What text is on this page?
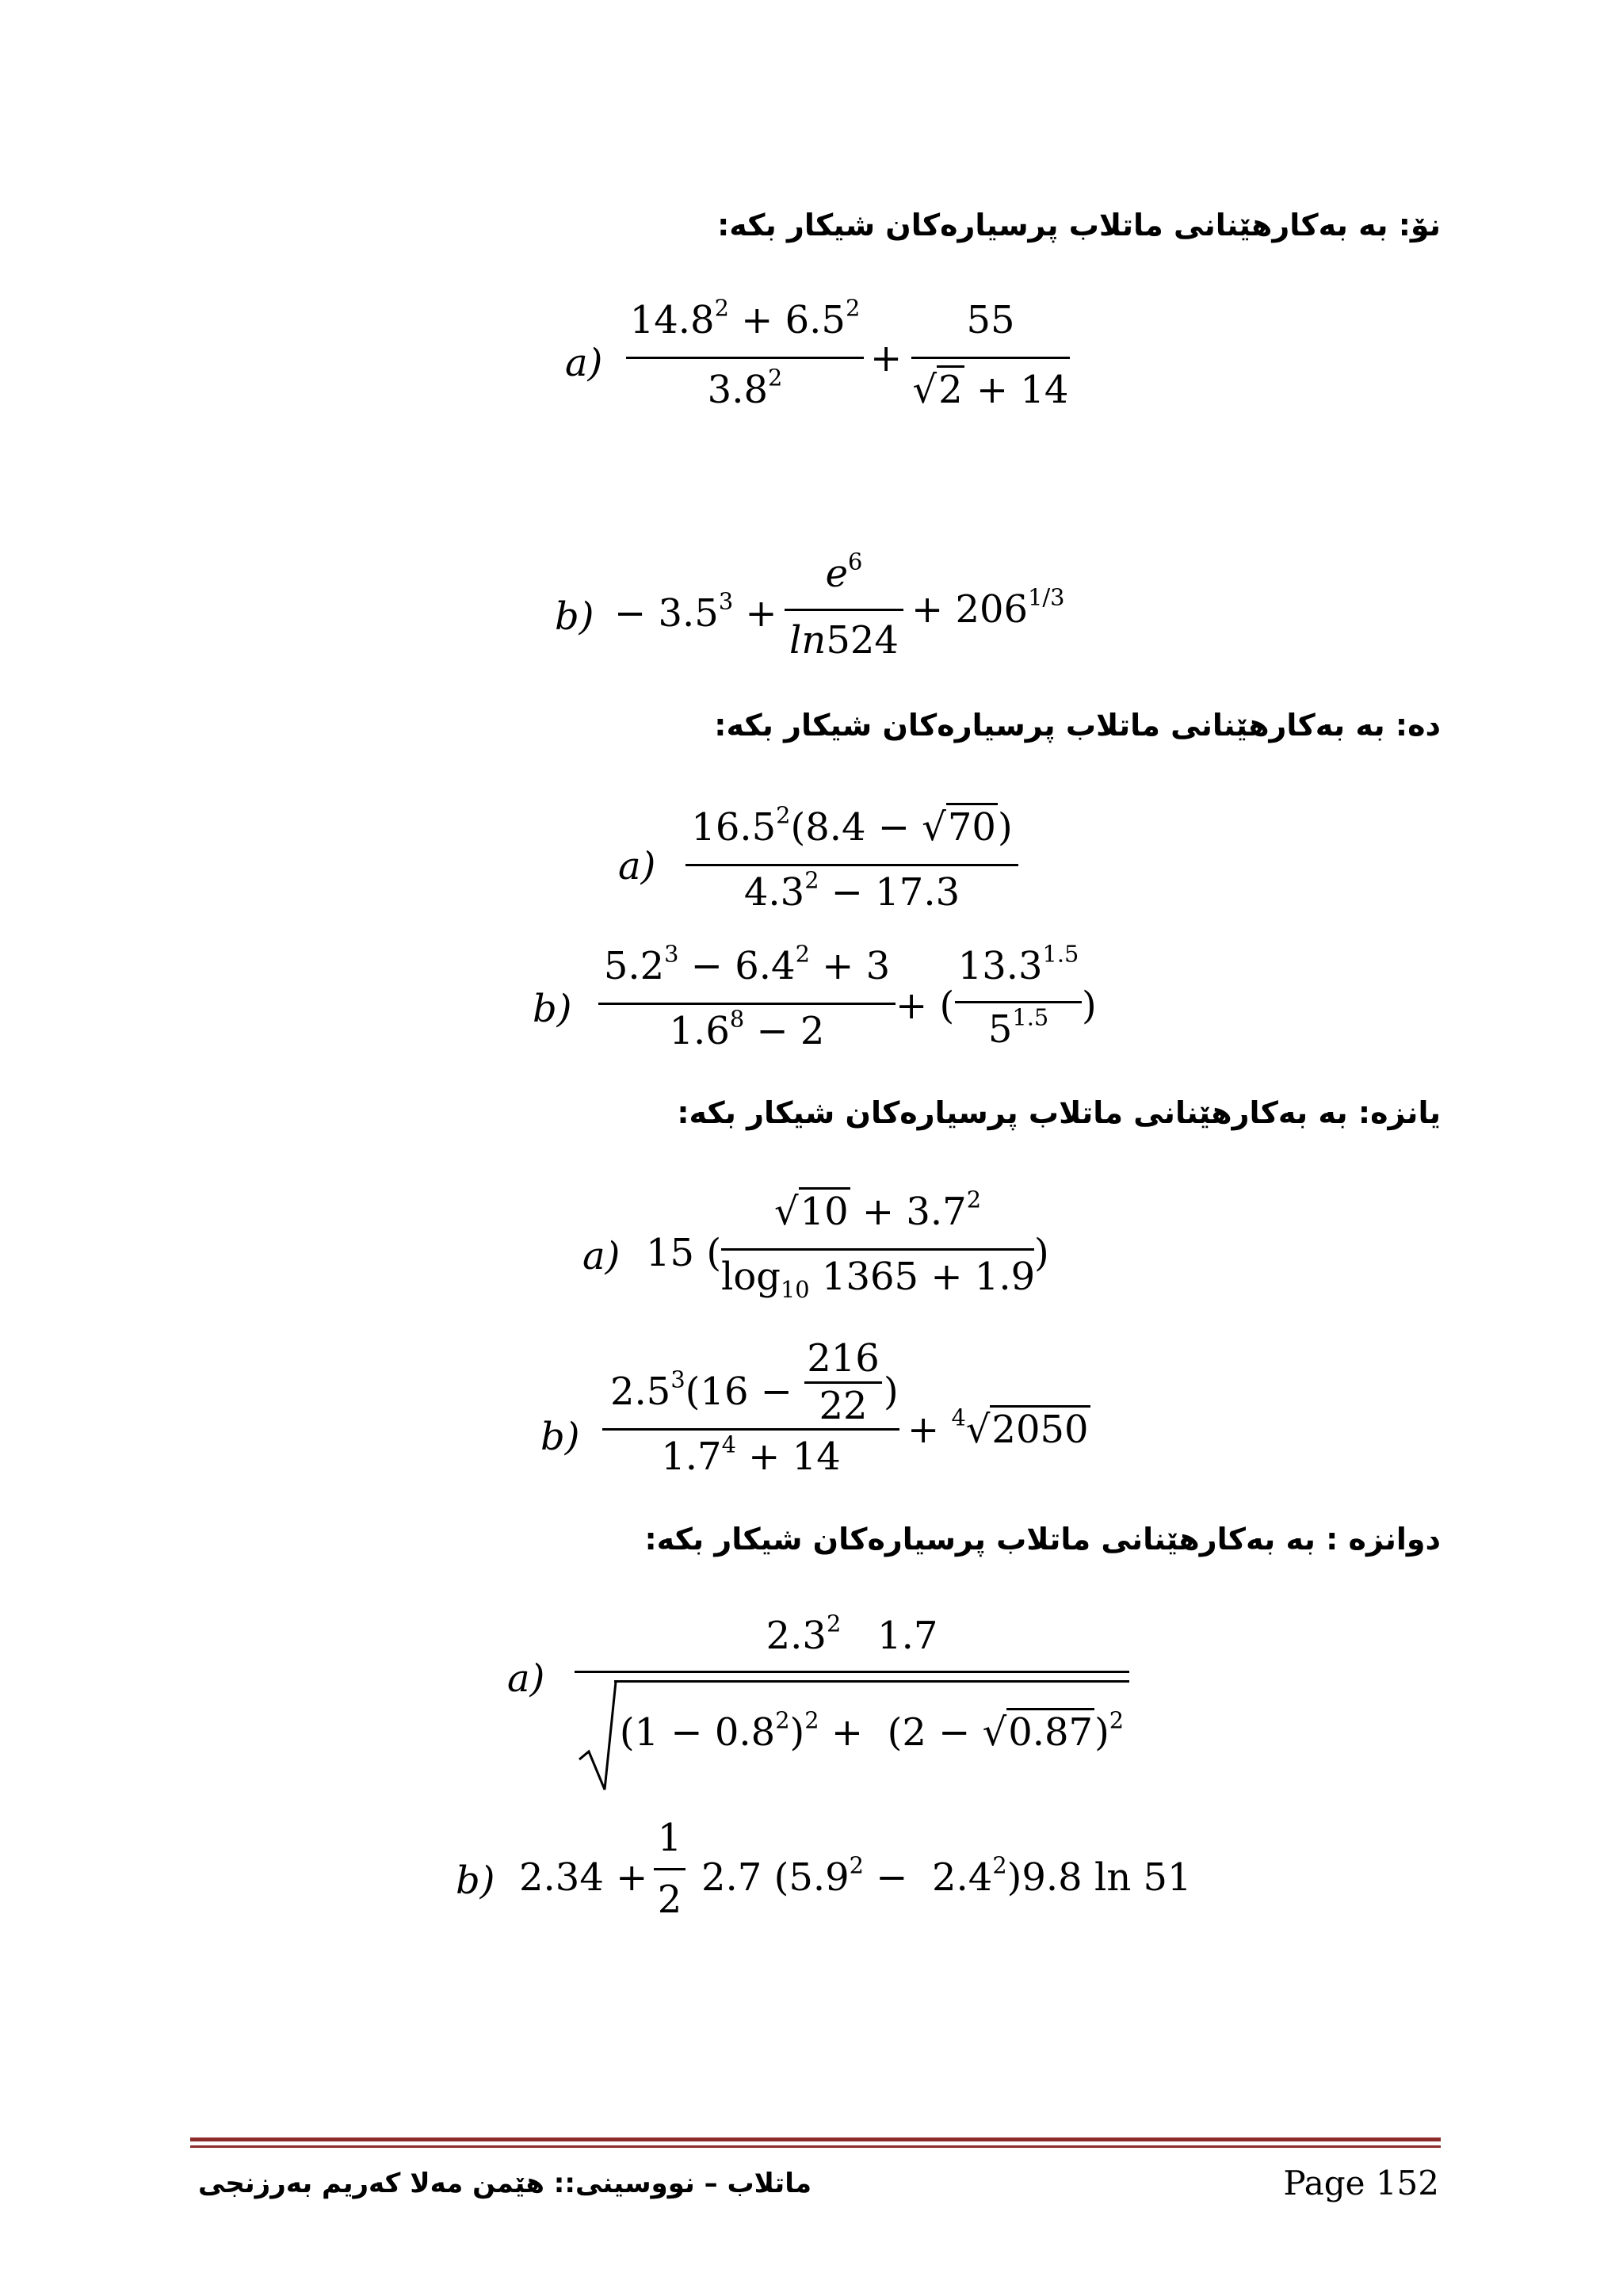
نۆ: بە بەکارهێنانی ماتلاب پرسیارەکان شیکار بکە:
a)
$14.8^2 + 6.5^2$
$3.8^2$	+
55
√2 + 14
$b) - 3.5^3$ +
$e^6$
ln524
+ $206^{1/3}$
دە: بە بەکارهێنانی ماتلاب پرسیارەکان شیکار بکە:
a)
$16.5^2(8.4 - √70)$
$4.3^2 - 17.3$
b)
$5.2^3 - 6.4^2 + 3$
$1.6^8 - 2$
+ (
$13.3^{1.5}$
$5^{1.5}$ )
یانزە: بە بەکارهێنانی ماتلاب پرسیارەکان شیکار بکە:
a) 15 (
$√10 + 3.7^2$
$\log_{10} 1365 + 1.9$
)
b)
$2.5^3(16$ −
216
22 )
$1.7^4 + 14$
+ $^4$√2050
دوانزە : بە بەکارهێنانی ماتلاب پرسیارەکان شیکار بکە:
a)
$2.3^2$   1.7
$(1 - 0.8^2)^2 + (2 - √0.87)^2$
b) 2.34 +
1
2 2.7 $(5.9^2 - 2.4^2)9.8$ ln 51
ماتلاب – نووسینی:: هێمن مەلا کەریم بەرزنجی	Page 152
